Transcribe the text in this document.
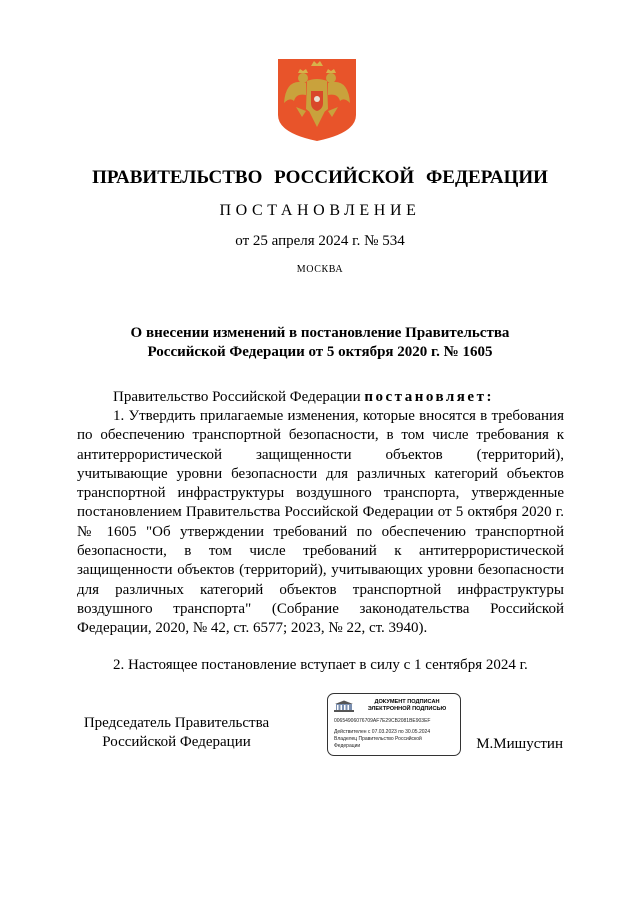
ПРАВИТЕЛЬСТВО РОССИЙСКОЙ ФЕДЕРАЦИИ
ПОСТАНОВЛЕНИЕ
от 25 апреля 2024 г. № 534
МОСКВА
О внесении изменений в постановление Правительства
Российской Федерации от 5 октября 2020 г. № 1605

Правительство Российской Федерации постановляет:

1. Утвердить прилагаемые изменения, которые вносятся в требования по обеспечению транспортной безопасности, в том числе требования к антитеррористической защищенности объектов (территорий), учитывающие уровни безопасности для различных категорий объектов транспортной инфраструктуры воздушного транспорта, утвержденные постановлением Правительства Российской Федерации от 5 октября 2020 г. № 1605 "Об утверждении требований по обеспечению транспортной безопасности, в том числе требований к антитеррористической защищенности объектов (территорий), учитывающих уровни безопасности для различных категорий объектов транспортной инфраструктуры воздушного транспорта" (Собрание законодательства Российской Федерации, 2020, № 42, ст. 6577; 2023, № 22, ст. 3940).

2. Настоящее постановление вступает в силу с 1 сентября 2024 г.

Председатель Правительства
Российской Федерации
ДОКУМЕНТ ПОДПИСАН
ЭЛЕКТРОННОЙ ПОДПИСЬЮ
00654906076709AF7E29CB2081BE903EF
Действителен с 07.03.2023 по 30.05.2024
Владелец Правительство Российской
Федерации	М.Мишустин
